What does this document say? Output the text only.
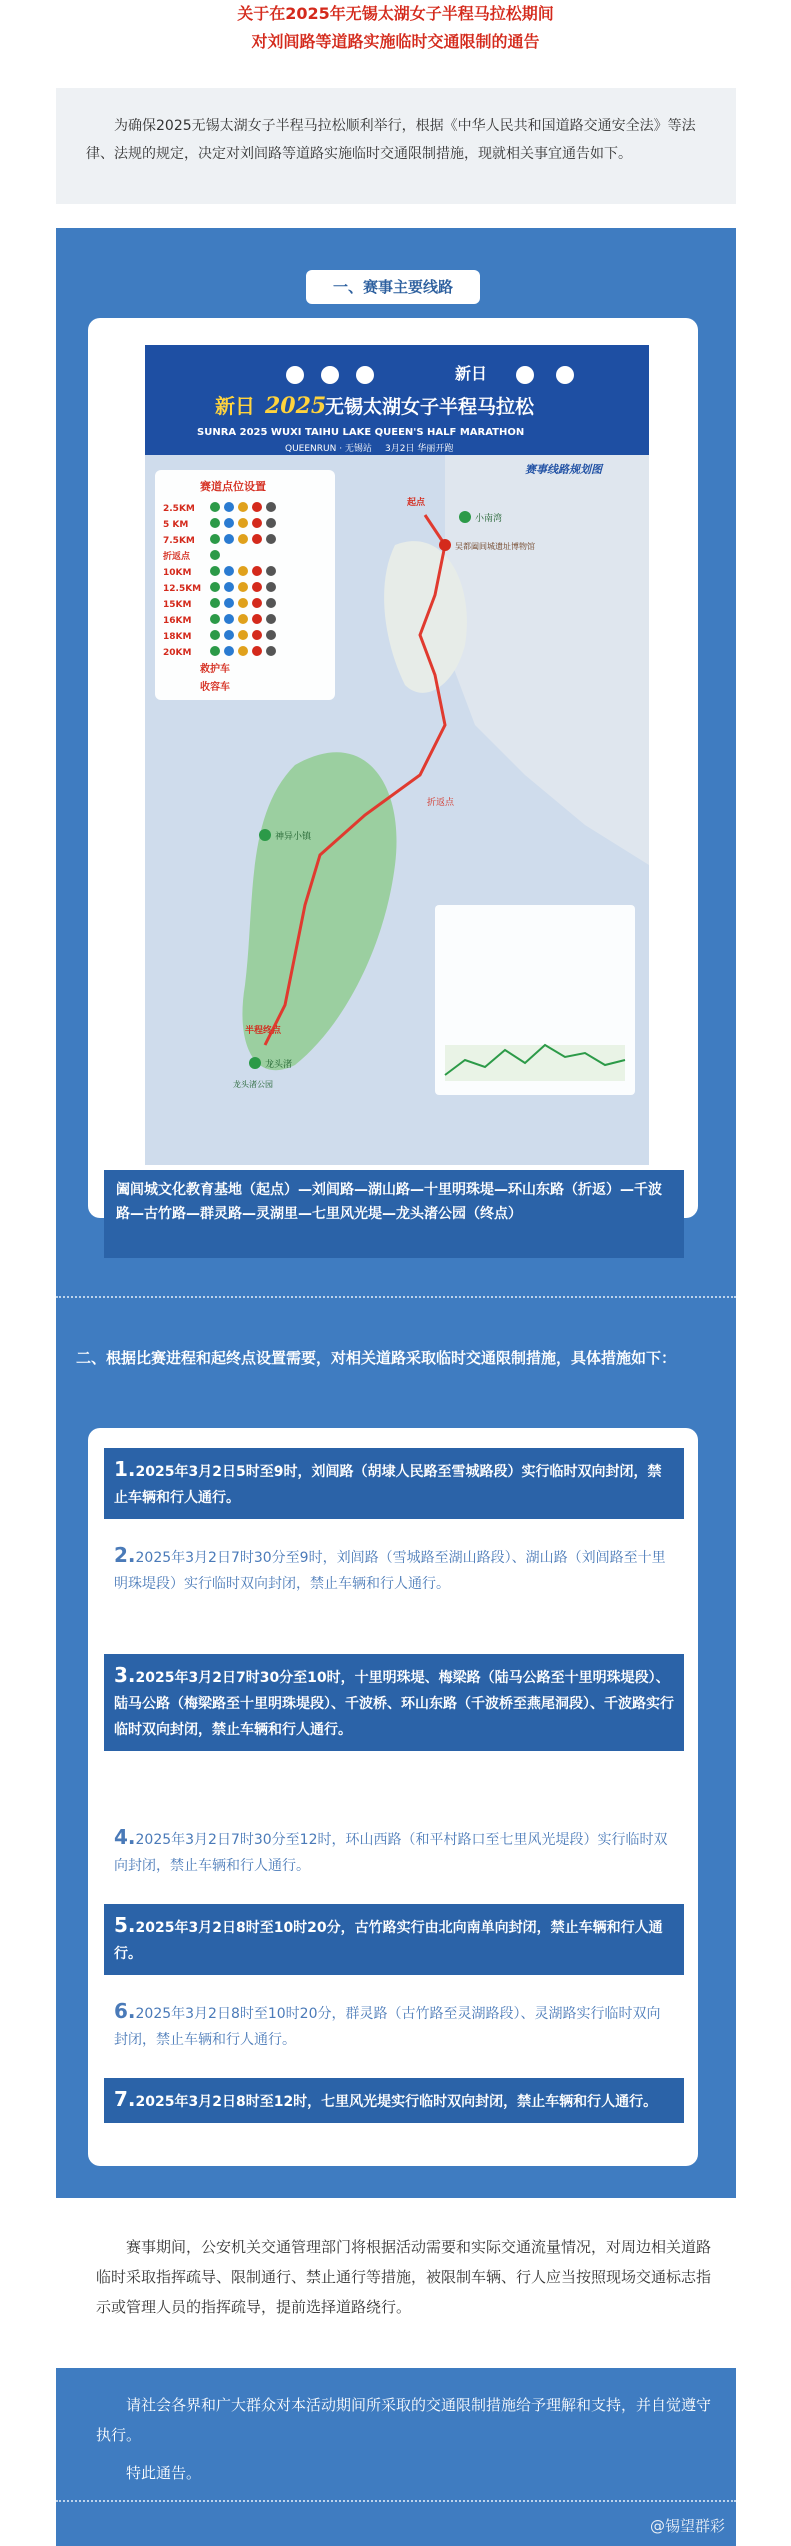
关于在2025年无锡太湖女子半程马拉松期间
对刘闾路等道路实施临时交通限制的通告
为确保2025无锡太湖女子半程马拉松顺利举行，根据《中华人民共和国道路交通安全法》等法律、法规的规定，决定对刘闾路等道路实施临时交通限制措施，现就相关事宜通告如下。
一、赛事主要线路
新日
新日 2025
无锡太湖女子半程马拉松
SUNRA 2025 WUXI TAIHU LAKE QUEEN'S HALF MARATHON
QUEENRUN · 无锡站 3月2日 华丽开跑
赛道点位设置
2.5KM
5 KM
7.5KM
折返点
10KM
12.5KM
15KM
16KM
18KM
20KM
救护车
收容车
小南湾
吴都阖闾城遗址博物馆
起点
折返点
神异小镇
龙头渚
半程终点
龙头渚公园
赛事线路规划图
阖闾城文化教育基地（起点）—刘闾路—湖山路—十里明珠堤—环山东路（折返）—千波路—古竹路—群灵路—灵湖里—七里风光堤—龙头渚公园（终点）
二、根据比赛进程和起终点设置需要，对相关道路采取临时交通限制措施，具体措施如下：
1.2025年3月2日5时至9时，刘闾路（胡埭人民路至雪城路段）实行临时双向封闭，禁止车辆和行人通行。
2.2025年3月2日7时30分至9时，刘闾路（雪城路至湖山路段）、湖山路（刘闾路至十里明珠堤段）实行临时双向封闭，禁止车辆和行人通行。
3.2025年3月2日7时30分至10时，十里明珠堤、梅梁路（陆马公路至十里明珠堤段）、陆马公路（梅梁路至十里明珠堤段）、千波桥、环山东路（千波桥至燕尾洞段）、千波路实行临时双向封闭，禁止车辆和行人通行。
4.2025年3月2日7时30分至12时，环山西路（和平村路口至七里风光堤段）实行临时双向封闭，禁止车辆和行人通行。
5.2025年3月2日8时至10时20分，古竹路实行由北向南单向封闭，禁止车辆和行人通行。
6.2025年3月2日8时至10时20分，群灵路（古竹路至灵湖路段）、灵湖路实行临时双向封闭，禁止车辆和行人通行。
7.2025年3月2日8时至12时，七里风光堤实行临时双向封闭，禁止车辆和行人通行。
赛事期间，公安机关交通管理部门将根据活动需要和实际交通流量情况，对周边相关道路临时采取指挥疏导、限制通行、禁止通行等措施，被限制车辆、行人应当按照现场交通标志指示或管理人员的指挥疏导，提前选择道路绕行。

请社会各界和广大群众对本活动期间所采取的交通限制措施给予理解和支持，并自觉遵守执行。

特此通告。

@锡望群彩
